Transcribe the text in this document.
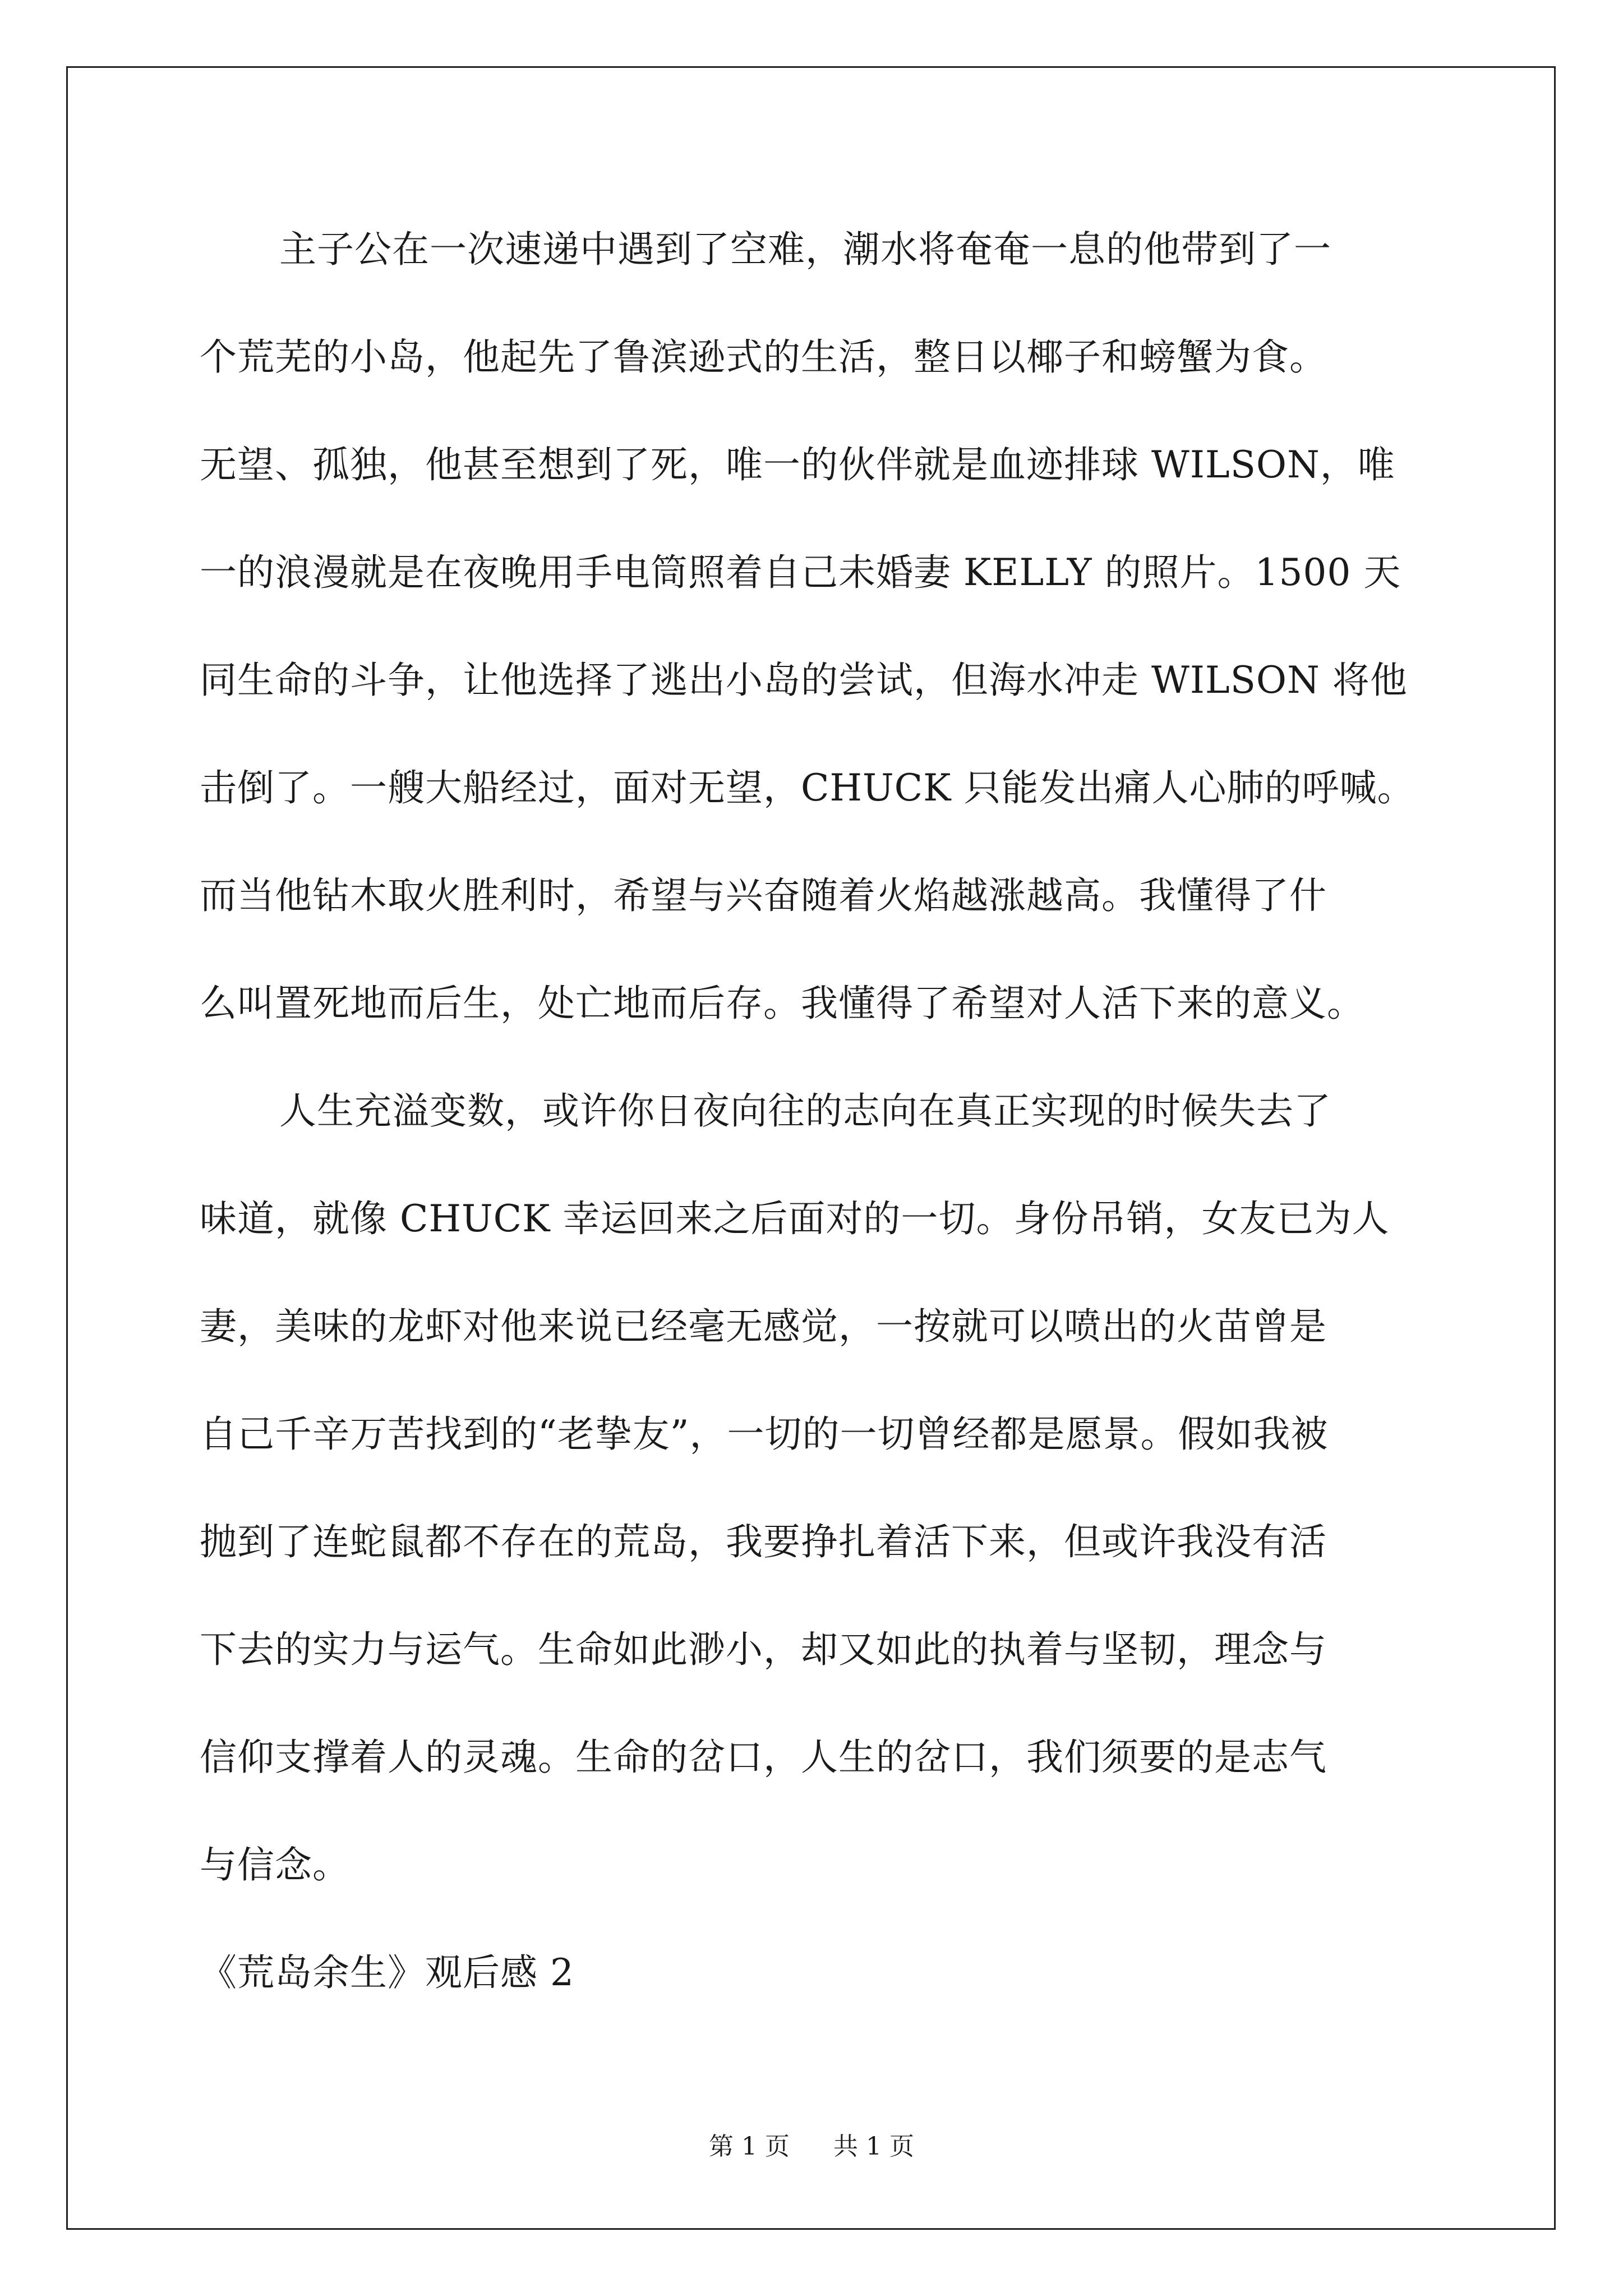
主子公在一次速递中遇到了空难，潮水将奄奄一息的他带到了一
个荒芜的小岛，他起先了鲁滨逊式的生活，整日以椰子和螃蟹为食。
无望、孤独，他甚至想到了死，唯一的伙伴就是血迹排球 WILSON，唯
一的浪漫就是在夜晚用手电筒照着自己未婚妻 KELLY 的照片。1500 天
同生命的斗争，让他选择了逃出小岛的尝试，但海水冲走 WILSON 将他
击倒了。一艘大船经过，面对无望，CHUCK 只能发出痛人心肺的呼喊。
而当他钻木取火胜利时，希望与兴奋随着火焰越涨越高。我懂得了什
么叫置死地而后生，处亡地而后存。我懂得了希望对人活下来的意义。
人生充溢变数，或许你日夜向往的志向在真正实现的时候失去了
味道，就像 CHUCK 幸运回来之后面对的一切。身份吊销，女友已为人
妻，美味的龙虾对他来说已经毫无感觉，一按就可以喷出的火苗曾是
自己千辛万苦找到的“老挚友”，一切的一切曾经都是愿景。假如我被
抛到了连蛇鼠都不存在的荒岛，我要挣扎着活下来，但或许我没有活
下去的实力与运气。生命如此渺小，却又如此的执着与坚韧，理念与
信仰支撑着人的灵魂。生命的岔口，人生的岔口，我们须要的是志气
与信念。
《荒岛余生》观后感 2
第 1 页 共 1 页
